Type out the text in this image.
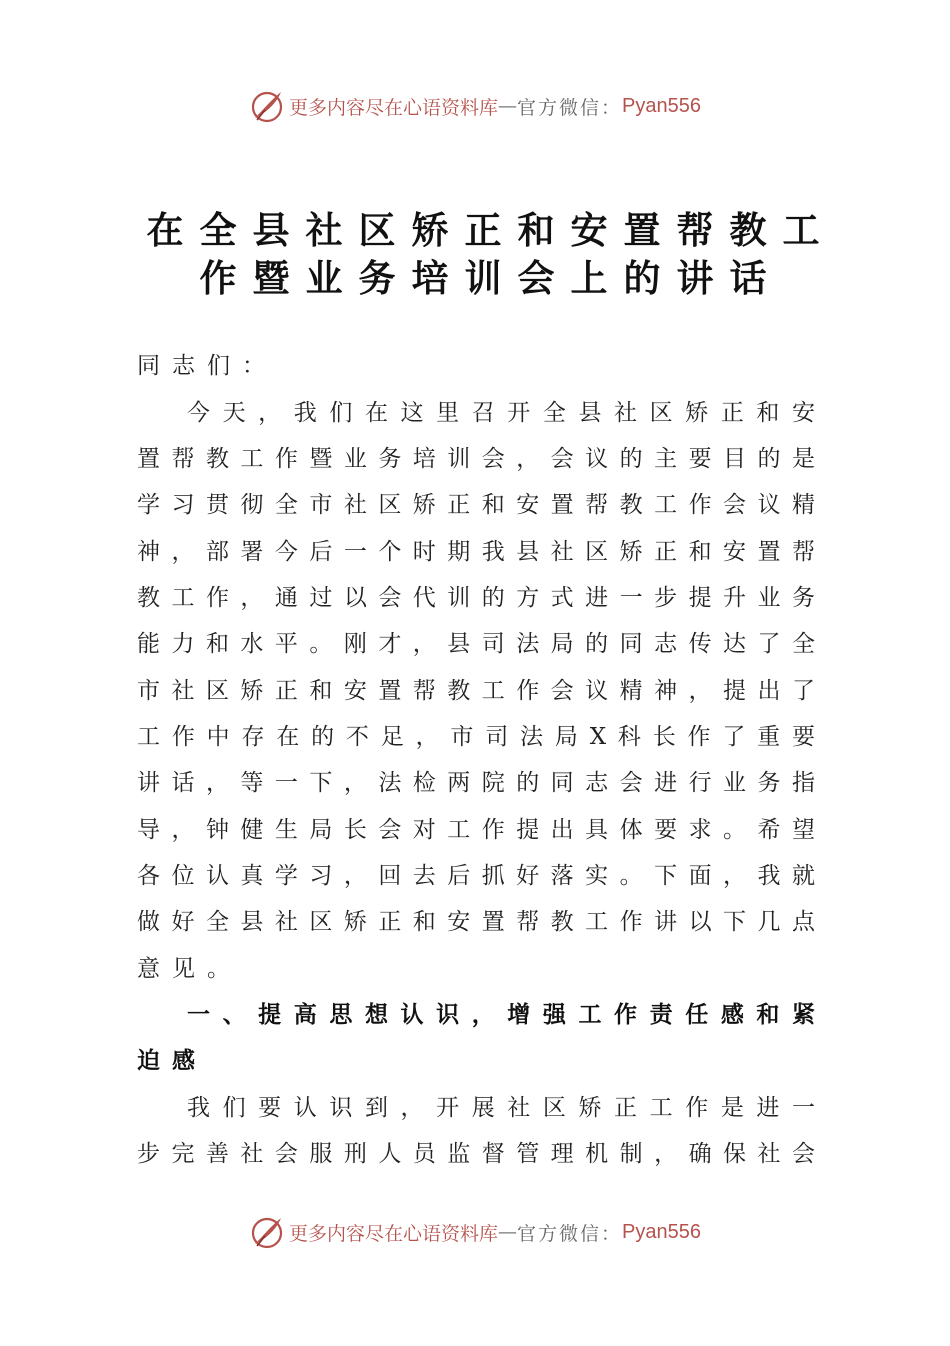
更多内容尽在心语资料库 — 官方微信： Pyan556
在全县社区矫正和安置帮教工
作暨业务培训会上的讲话
同志们：
今天，我们在这里召开全县社区矫正和安
置帮教工作暨业务培训会，会议的主要目的是
学习贯彻全市社区矫正和安置帮教工作会议精
神，部署今后一个时期我县社区矫正和安置帮
教工作，通过以会代训的方式进一步提升业务
能力和水平。刚才，县司法局的同志传达了全
市社区矫正和安置帮教工作会议精神，提出了
工作中存在的不足，市司法局X科长作了重要
讲话，等一下，法检两院的同志会进行业务指
导，钟健生局长会对工作提出具体要求。希望
各位认真学习，回去后抓好落实。下面，我就
做好全县社区矫正和安置帮教工作讲以下几点
意见。
一、提高思想认识，增强工作责任感和紧
迫感
我们要认识到，开展社区矫正工作是进一
步完善社会服刑人员监督管理机制，确保社会
更多内容尽在心语资料库 — 官方微信： Pyan556
